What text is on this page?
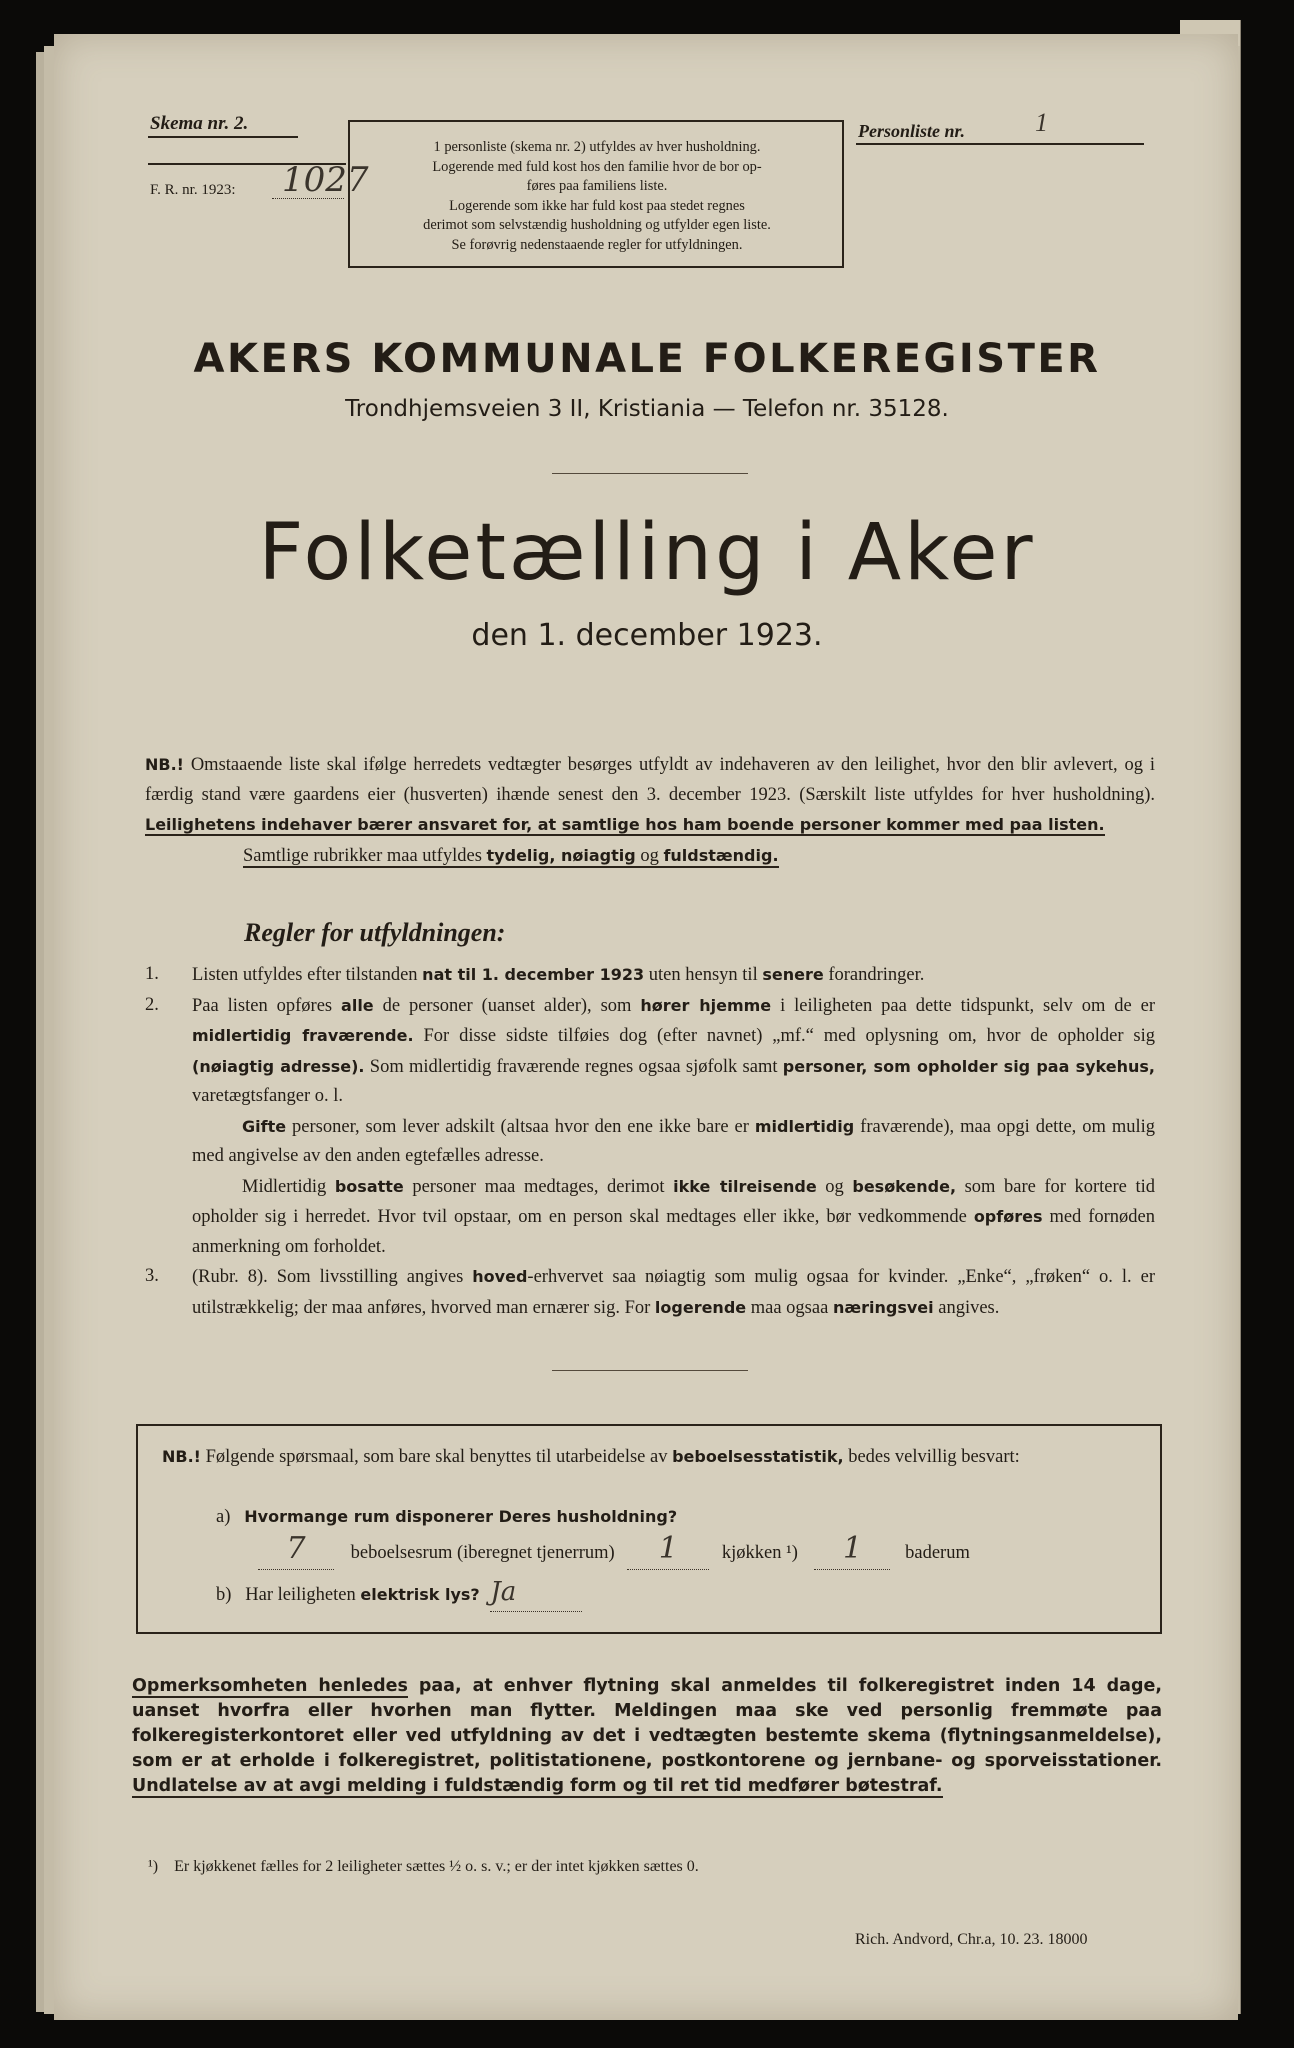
Skema nr. 2.
F. R. nr. 1923: 1027

1 personliste (skema nr. 2) utfyldes av hver husholdning.

Logerende med fuld kost hos den familie hvor de bor op-

føres paa familiens liste.

Logerende som ikke har fuld kost paa stedet regnes

derimot som selvstændig husholdning og utfylder egen liste.

Se forøvrig nedenstaaende regler for utfyldningen.

Personliste nr.	1
AKERS KOMMUNALE FOLKEREGISTER
Trondhjemsveien 3 II, Kristiania — Telefon nr. 35128.
Folketælling i Aker
den 1. december 1923.
NB.! Omstaaende liste skal ifølge herredets vedtægter besørges utfyldt av indehaveren av den leilighet, hvor den blir avlevert, og i færdig stand være gaardens eier (husverten) ihænde senest den 3. december 1923. (Særskilt liste utfyldes for hver husholdning). Leilighetens indehaver bærer ansvaret for, at samtlige hos ham boende personer kommer med paa listen.
Samtlige rubrikker maa utfyldes tydelig, nøiagtig og fuldstændig.
Regler for utfyldningen:
1.	Listen utfyldes efter tilstanden nat til 1. december 1923 uten hensyn til senere forandringer.
2.	Paa listen opføres alle de personer (uanset alder), som hører hjemme i leiligheten paa dette tidspunkt, selv om de er midlertidig fraværende. For disse sidste tilføies dog (efter navnet) „mf.“ med oplysning om, hvor de opholder sig (nøiagtig adresse). Som midlertidig fraværende regnes ogsaa sjøfolk samt personer, som opholder sig paa sykehus, varetægtsfanger o. l.
Gifte personer, som lever adskilt (altsaa hvor den ene ikke bare er midlertidig fraværende), maa opgi dette, om mulig med angivelse av den anden egtefælles adresse.
Midlertidig bosatte personer maa medtages, derimot ikke tilreisende og besøkende, som bare for kortere tid opholder sig i herredet. Hvor tvil opstaar, om en person skal medtages eller ikke, bør vedkommende opføres med fornøden anmerkning om forholdet.
3.	(Rubr. 8). Som livsstilling angives hoved-erhvervet saa nøiagtig som mulig ogsaa for kvinder. „Enke“, „frøken“ o. l. er utilstrækkelig; der maa anføres, hvorved man ernærer sig. For logerende maa ogsaa næringsvei angives.
NB.! Følgende spørsmaal, som bare skal benyttes til utarbeidelse av beboelsesstatistik, bedes velvillig besvart:
a) Hvormange rum disponerer Deres husholdning?
7 beboelsesrum (iberegnet tjenerrum) 1 kjøkken ¹) 1 baderum
b) Har leiligheten elektrisk lys? Ja
Opmerksomheten henledes paa, at enhver flytning skal anmeldes til folkeregistret inden 14 dage, uanset hvorfra eller hvorhen man flytter. Meldingen maa ske ved personlig fremmøte paa folkeregisterkontoret eller ved utfyldning av det i vedtægten bestemte skema (flytningsanmeldelse), som er at erholde i folkeregistret, politistationene, postkontorene og jernbane- og sporveisstationer. Undlatelse av at avgi melding i fuldstændig form og til ret tid medfører bøtestraf.
¹) Er kjøkkenet fælles for 2 leiligheter sættes ½ o. s. v.; er der intet kjøkken sættes 0.
Rich. Andvord, Chr.a, 10. 23. 18000
